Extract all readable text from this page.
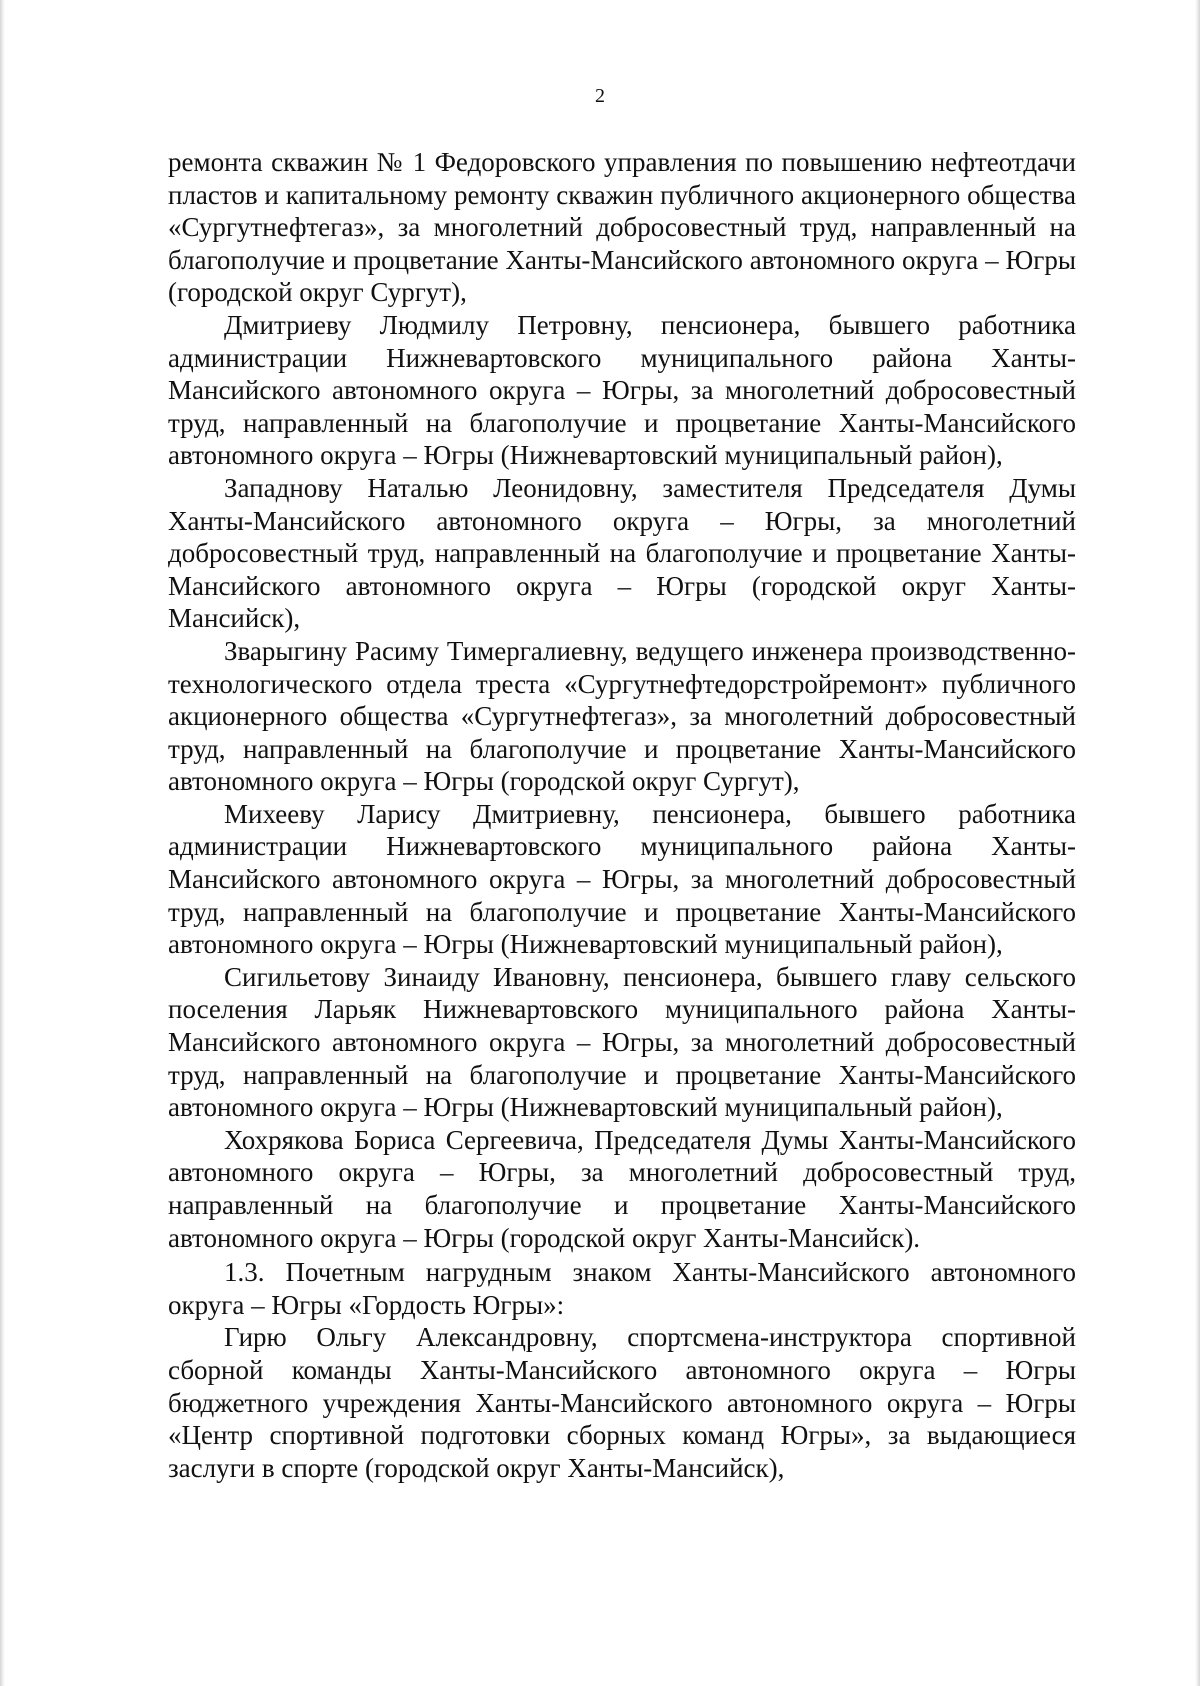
2

ремонта скважин № 1 Федоровского управления по повышению нефтеотдачи пластов и капитальному ремонту скважин публичного акционерного общества «Сургутнефтегаз», за многолетний добросовестный труд, направленный на благополучие и процветание Ханты-Мансийского автономного округа – Югры (городской округ Сургут),

Дмитриеву Людмилу Петровну, пенсионера, бывшего работника администрации Нижневартовского муниципального района Ханты-Мансийского автономного округа – Югры, за многолетний добросовестный труд, направленный на благополучие и процветание Ханты-Мансийского автономного округа – Югры (Нижневартовский муниципальный район),

Западнову Наталью Леонидовну, заместителя Председателя Думы Ханты-Мансийского автономного округа – Югры, за многолетний добросовестный труд, направленный на благополучие и процветание Ханты-Мансийского автономного округа – Югры (городской округ Ханты-Мансийск),

Зварыгину Расиму Тимергалиевну, ведущего инженера производственно-технологического отдела треста «Сургутнефтедорстройремонт» публичного акционерного общества «Сургутнефтегаз», за многолетний добросовестный труд, направленный на благополучие и процветание Ханты-Мансийского автономного округа – Югры (городской округ Сургут),

Михееву Ларису Дмитриевну, пенсионера, бывшего работника администрации Нижневартовского муниципального района Ханты-Мансийского автономного округа – Югры, за многолетний добросовестный труд, направленный на благополучие и процветание Ханты-Мансийского автономного округа – Югры (Нижневартовский муниципальный район),

Сигильетову Зинаиду Ивановну, пенсионера, бывшего главу сельского поселения Ларьяк Нижневартовского муниципального района Ханты-Мансийского автономного округа – Югры, за многолетний добросовестный труд, направленный на благополучие и процветание Ханты-Мансийского автономного округа – Югры (Нижневартовский муниципальный район),

Хохрякова Бориса Сергеевича, Председателя Думы Ханты-Мансийского автономного округа – Югры, за многолетний добросовестный труд, направленный на благополучие и процветание Ханты-Мансийского автономного округа – Югры (городской округ Ханты-Мансийск).

1.3. Почетным нагрудным знаком Ханты-Мансийского автономного округа – Югры «Гордость Югры»:

Гирю Ольгу Александровну, спортсмена-инструктора спортивной сборной команды Ханты-Мансийского автономного округа – Югры бюджетного учреждения Ханты-Мансийского автономного округа – Югры «Центр спортивной подготовки сборных команд Югры», за выдающиеся заслуги в спорте (городской округ Ханты-Мансийск),
